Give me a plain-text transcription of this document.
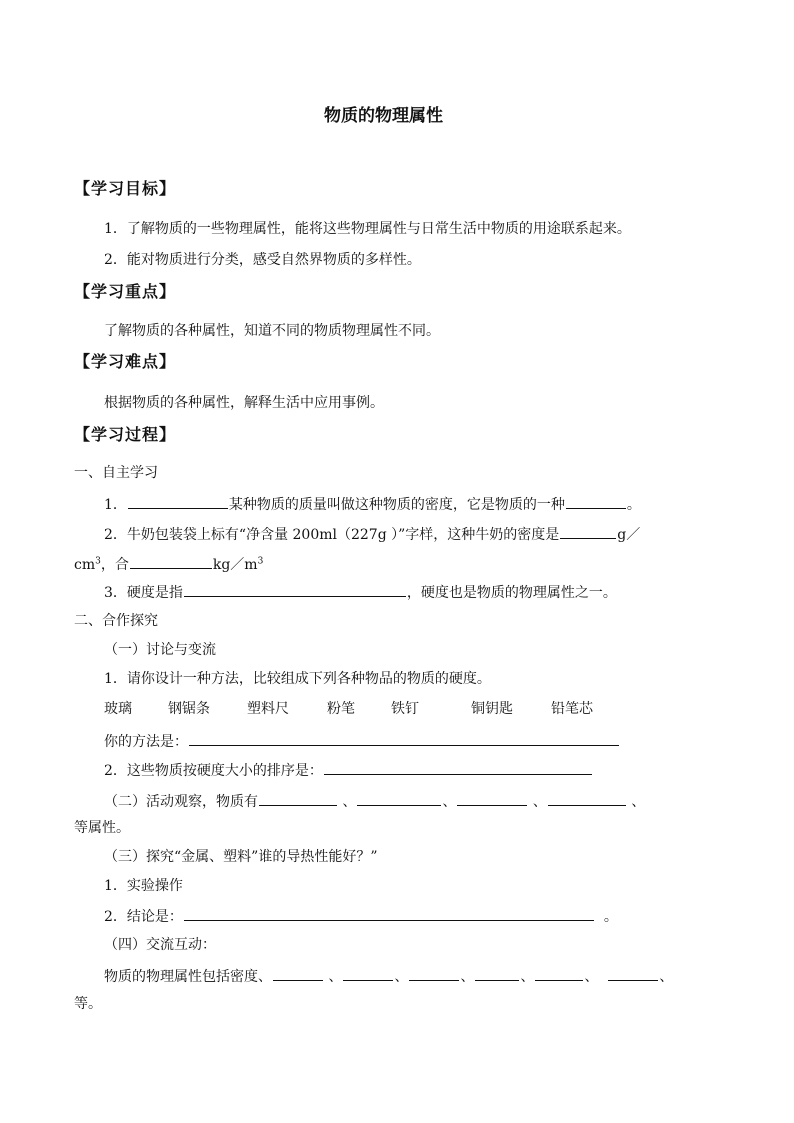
物质的物理属性
【学习目标】
1．了解物质的一些物理属性，能将这些物理属性与日常生活中物质的用途联系起来。
2．能对物质进行分类，感受自然界物质的多样性。
【学习重点】
了解物质的各种属性，知道不同的物质物理属性不同。
【学习难点】
根据物质的各种属性，解释生活中应用事例。
【学习过程】
一、自主学习
1．	某种物质的质量叫做这种物质的密度，它是物质的一种	。
2．牛奶包装袋上标有“净含量 200ml（227g ）”字样，这种牛奶的密度是	g／
$cm^3$，合	$kg/m^3$
3．硬度是指	，硬度也是物质的物理属性之一。
二、合作探究
（一）讨论与变流
1．请你设计一种方法，比较组成下列各种物品的物质的硬度。
玻璃	钢锯条	塑料尺	粉笔	铁钉	铜钥匙	铅笔芯
你的方法是：
2．这些物质按硬度大小的排序是：
（二）活动观察，物质有	、	、	、	、
等属性。
（三）探究“金属、塑料”谁的导热性能好？”
1．实验操作
2．结论是：	。
（四）交流互动：
物质的物理属性包括密度、	、	、	、	、	、	、
等。
